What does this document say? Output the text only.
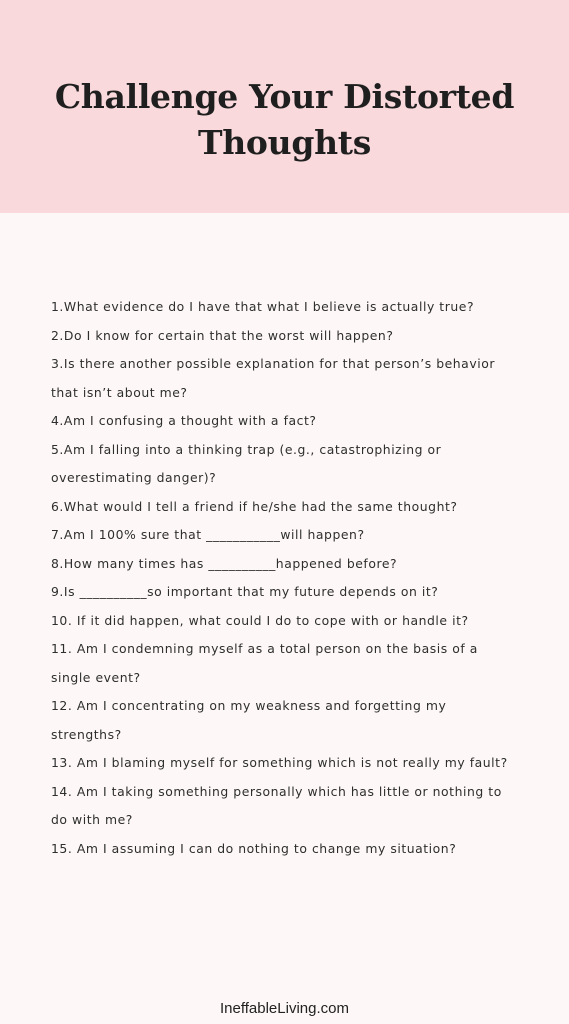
Challenge Your Distorted
Thoughts
1.What evidence do I have that what I believe is actually true?
2.Do I know for certain that the worst will happen?
3.Is there another possible explanation for that person’s behavior
that isn’t about me?
4.Am I confusing a thought with a fact?
5.Am I falling into a thinking trap (e.g., catastrophizing or
overestimating danger)?
6.What would I tell a friend if he/she had the same thought?
7.Am I 100% sure that ___________will happen?
8.How many times has __________happened before?
9.Is __________so important that my future depends on it?
10. If it did happen, what could I do to cope with or handle it?
11. Am I condemning myself as a total person on the basis of a
single event?
12. Am I concentrating on my weakness and forgetting my
strengths?
13. Am I blaming myself for something which is not really my fault?
14. Am I taking something personally which has little or nothing to
do with me?
15. Am I assuming I can do nothing to change my situation?
IneffableLiving.com
